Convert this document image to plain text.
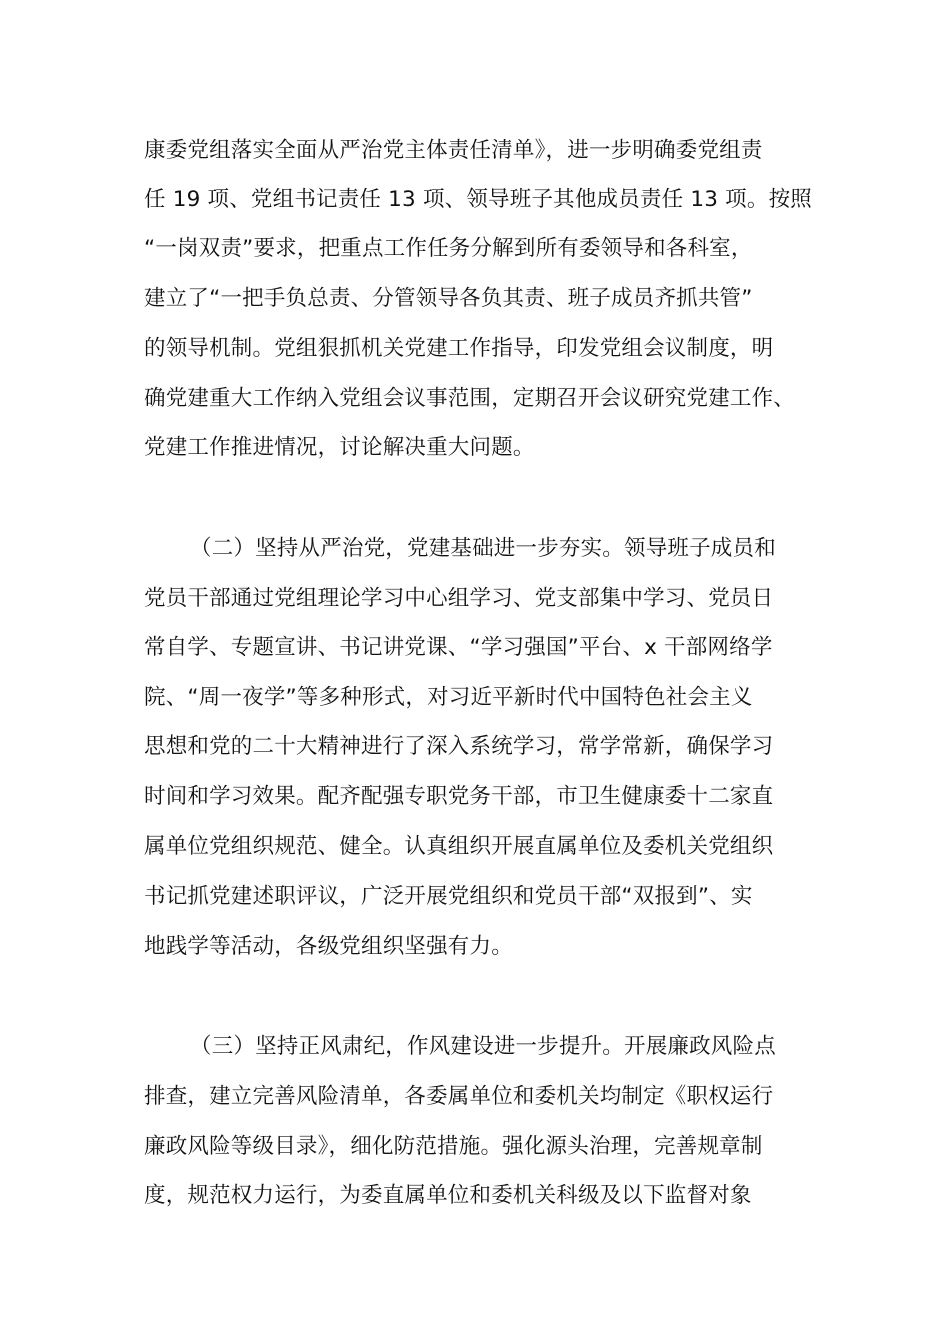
康委党组落实全面从严治党主体责任清单》，进一步明确委党组责
任 19 项、党组书记责任 13 项、领导班子其他成员责任 13 项。按照
“一岗双责”要求，把重点工作任务分解到所有委领导和各科室，
建立了“一把手负总责、分管领导各负其责、班子成员齐抓共管”
的领导机制。党组狠抓机关党建工作指导，印发党组会议制度，明
确党建重大工作纳入党组会议事范围，定期召开会议研究党建工作、
党建工作推进情况，讨论解决重大问题。
（二）坚持从严治党，党建基础进一步夯实。领导班子成员和
党员干部通过党组理论学习中心组学习、党支部集中学习、党员日
常自学、专题宣讲、书记讲党课、“学习强国”平台、x 干部网络学
院、“周一夜学”等多种形式，对习近平新时代中国特色社会主义
思想和党的二十大精神进行了深入系统学习，常学常新，确保学习
时间和学习效果。配齐配强专职党务干部，市卫生健康委十二家直
属单位党组织规范、健全。认真组织开展直属单位及委机关党组织
书记抓党建述职评议，广泛开展党组织和党员干部“双报到”、实
地践学等活动，各级党组织坚强有力。
（三）坚持正风肃纪，作风建设进一步提升。开展廉政风险点
排查，建立完善风险清单，各委属单位和委机关均制定《职权运行
廉政风险等级目录》，细化防范措施。强化源头治理，完善规章制
度，规范权力运行，为委直属单位和委机关科级及以下监督对象
